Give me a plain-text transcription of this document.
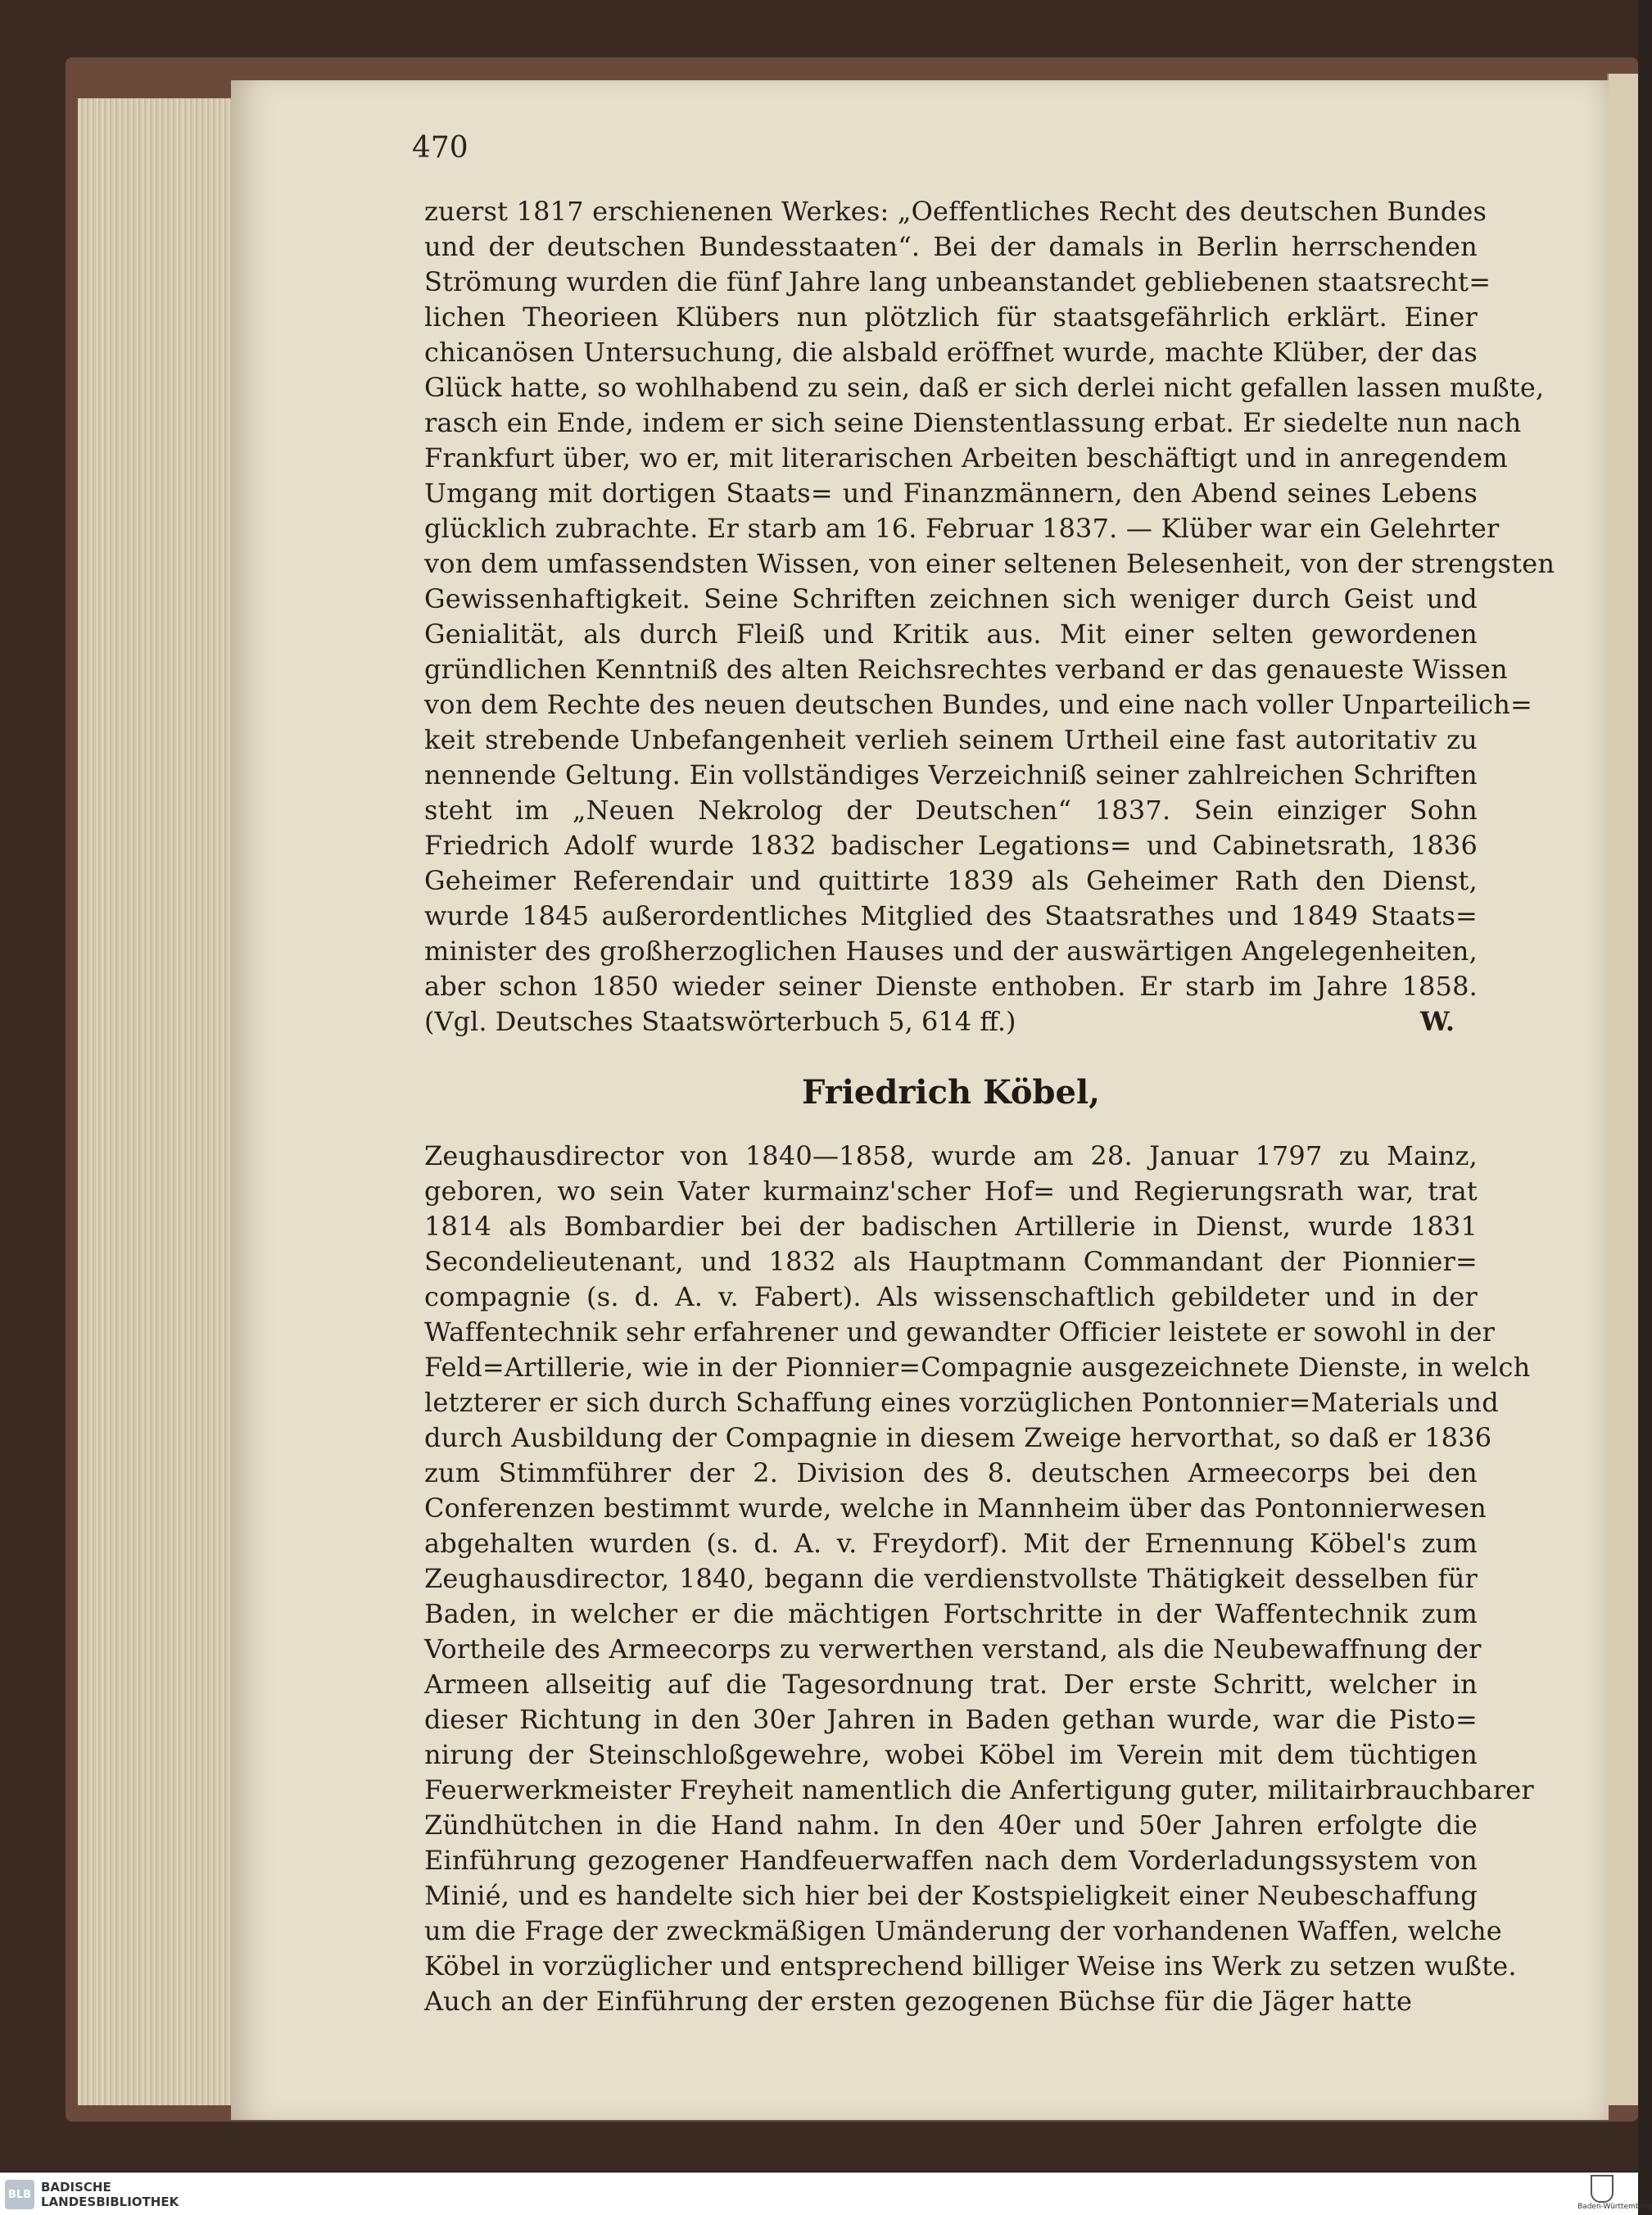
470
zuerst 1817 erschienenen Werkes: „Oeffentliches Recht des deutschen Bundes
und der deutschen Bundesstaaten“. Bei der damals in Berlin herrschenden
Strömung wurden die fünf Jahre lang unbeanstandet gebliebenen staatsrecht=
lichen Theorieen Klübers nun plötzlich für staatsgefährlich erklärt. Einer
chicanösen Untersuchung, die alsbald eröffnet wurde, machte Klüber, der das
Glück hatte, so wohlhabend zu sein, daß er sich derlei nicht gefallen lassen mußte,
rasch ein Ende, indem er sich seine Dienstentlassung erbat. Er siedelte nun nach
Frankfurt über, wo er, mit literarischen Arbeiten beschäftigt und in anregendem
Umgang mit dortigen Staats= und Finanzmännern, den Abend seines Lebens
glücklich zubrachte. Er starb am 16. Februar 1837. — Klüber war ein Gelehrter
von dem umfassendsten Wissen, von einer seltenen Belesenheit, von der strengsten
Gewissenhaftigkeit. Seine Schriften zeichnen sich weniger durch Geist und
Genialität, als durch Fleiß und Kritik aus. Mit einer selten gewordenen
gründlichen Kenntniß des alten Reichsrechtes verband er das genaueste Wissen
von dem Rechte des neuen deutschen Bundes, und eine nach voller Unparteilich=
keit strebende Unbefangenheit verlieh seinem Urtheil eine fast autoritativ zu
nennende Geltung. Ein vollständiges Verzeichniß seiner zahlreichen Schriften
steht im „Neuen Nekrolog der Deutschen“ 1837. Sein einziger Sohn
Friedrich Adolf wurde 1832 badischer Legations= und Cabinetsrath, 1836
Geheimer Referendair und quittirte 1839 als Geheimer Rath den Dienst,
wurde 1845 außerordentliches Mitglied des Staatsrathes und 1849 Staats=
minister des großherzoglichen Hauses und der auswärtigen Angelegenheiten,
aber schon 1850 wieder seiner Dienste enthoben. Er starb im Jahre 1858.
(Vgl. Deutsches Staatswörterbuch 5, 614 ff.)	W.
Friedrich Köbel,
Zeughausdirector von 1840—1858, wurde am 28. Januar 1797 zu Mainz,
geboren, wo sein Vater kurmainz'scher Hof= und Regierungsrath war, trat
1814 als Bombardier bei der badischen Artillerie in Dienst, wurde 1831
Secondelieutenant, und 1832 als Hauptmann Commandant der Pionnier=
compagnie (s. d. A. v. Fabert). Als wissenschaftlich gebildeter und in der
Waffentechnik sehr erfahrener und gewandter Officier leistete er sowohl in der
Feld=Artillerie, wie in der Pionnier=Compagnie ausgezeichnete Dienste, in welch
letzterer er sich durch Schaffung eines vorzüglichen Pontonnier=Materials und
durch Ausbildung der Compagnie in diesem Zweige hervorthat, so daß er 1836
zum Stimmführer der 2. Division des 8. deutschen Armeecorps bei den
Conferenzen bestimmt wurde, welche in Mannheim über das Pontonnierwesen
abgehalten wurden (s. d. A. v. Freydorf). Mit der Ernennung Köbel's zum
Zeughausdirector, 1840, begann die verdienstvollste Thätigkeit desselben für
Baden, in welcher er die mächtigen Fortschritte in der Waffentechnik zum
Vortheile des Armeecorps zu verwerthen verstand, als die Neubewaffnung der
Armeen allseitig auf die Tagesordnung trat. Der erste Schritt, welcher in
dieser Richtung in den 30er Jahren in Baden gethan wurde, war die Pisto=
nirung der Steinschloßgewehre, wobei Köbel im Verein mit dem tüchtigen
Feuerwerkmeister Freyheit namentlich die Anfertigung guter, militairbrauchbarer
Zündhütchen in die Hand nahm. In den 40er und 50er Jahren erfolgte die
Einführung gezogener Handfeuerwaffen nach dem Vorderladungssystem von
Minié, und es handelte sich hier bei der Kostspieligkeit einer Neubeschaffung
um die Frage der zweckmäßigen Umänderung der vorhandenen Waffen, welche
Köbel in vorzüglicher und entsprechend billiger Weise ins Werk zu setzen wußte.
Auch an der Einführung der ersten gezogenen Büchse für die Jäger hatte
BLB BADISCHE
LANDESBIBLIOTHEK	Baden-Württemberg
